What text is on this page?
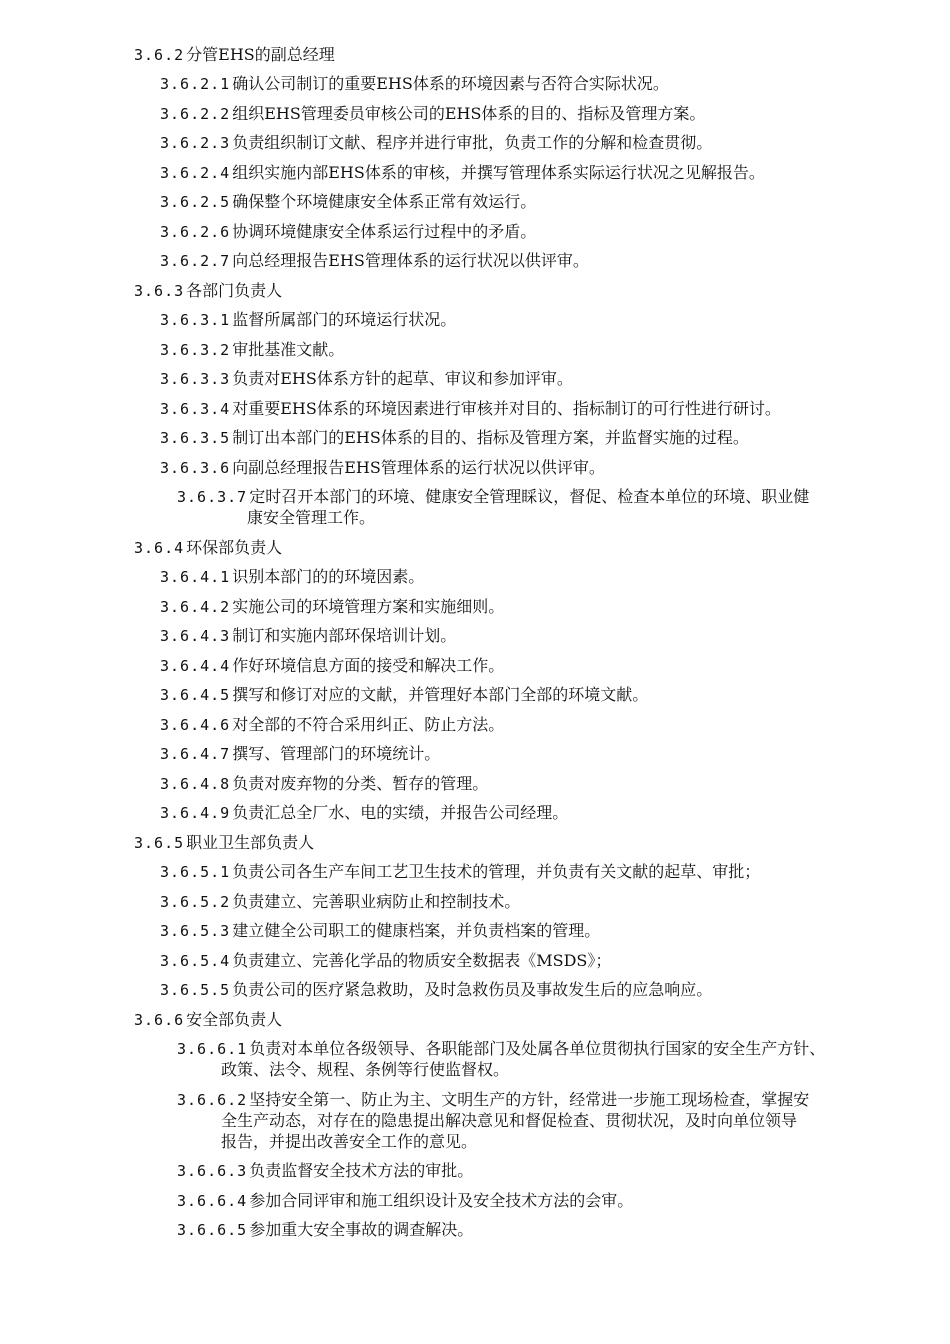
3.6.2 分管EHS的副总经理
3.6.2.1 确认公司制订的重要EHS体系的环境因素与否符合实际状况。
3.6.2.2 组织EHS管理委员审核公司的EHS体系的目的、指标及管理方案。
3.6.2.3 负责组织制订文献、程序并进行审批，负责工作的分解和检查贯彻。
3.6.2.4 组织实施内部EHS体系的审核，并撰写管理体系实际运行状况之见解报告。
3.6.2.5 确保整个环境健康安全体系正常有效运行。
3.6.2.6 协调环境健康安全体系运行过程中的矛盾。
3.6.2.7 向总经理报告EHS管理体系的运行状况以供评审。
3.6.3 各部门负责人
3.6.3.1 监督所属部门的环境运行状况。
3.6.3.2 审批基准文献。
3.6.3.3 负责对EHS体系方针的起草、审议和参加评审。
3.6.3.4 对重要EHS体系的环境因素进行审核并对目的、指标制订的可行性进行研讨。
3.6.3.5 制订出本部门的EHS体系的目的、指标及管理方案，并监督实施的过程。
3.6.3.6 向副总经理报告EHS管理体系的运行状况以供评审。
3.6.3.7 定时召开本部门的环境、健康安全管理睬议，督促、检查本单位的环境、职业健
康安全管理工作。
3.6.4 环保部负责人
3.6.4.1 识别本部门的的环境因素。
3.6.4.2 实施公司的环境管理方案和实施细则。
3.6.4.3 制订和实施内部环保培训计划。
3.6.4.4 作好环境信息方面的接受和解决工作。
3.6.4.5 撰写和修订对应的文献，并管理好本部门全部的环境文献。
3.6.4.6 对全部的不符合采用纠正、防止方法。
3.6.4.7 撰写、管理部门的环境统计。
3.6.4.8 负责对废弃物的分类、暂存的管理。
3.6.4.9 负责汇总全厂水、电的实绩，并报告公司经理。
3.6.5 职业卫生部负责人
3.6.5.1 负责公司各生产车间工艺卫生技术的管理，并负责有关文献的起草、审批；
3.6.5.2 负责建立、完善职业病防止和控制技术。
3.6.5.3 建立健全公司职工的健康档案，并负责档案的管理。
3.6.5.4 负责建立、完善化学品的物质安全数据表《MSDS》；
3.6.5.5 负责公司的医疗紧急救助，及时急救伤员及事故发生后的应急响应。
3.6.6 安全部负责人
3.6.6.1 负责对本单位各级领导、各职能部门及处属各单位贯彻执行国家的安全生产方针、
政策、法令、规程、条例等行使监督权。
3.6.6.2 坚持安全第一、防止为主、文明生产的方针，经常进一步施工现场检查，掌握安
全生产动态，对存在的隐患提出解决意见和督促检查、贯彻状况，及时向单位领导
报告，并提出改善安全工作的意见。
3.6.6.3 负责监督安全技术方法的审批。
3.6.6.4 参加合同评审和施工组织设计及安全技术方法的会审。
3.6.6.5 参加重大安全事故的调查解决。
